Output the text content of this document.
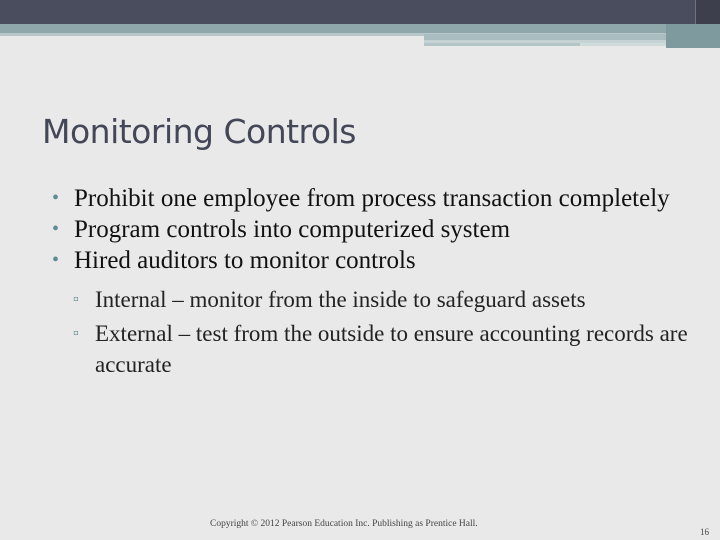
Monitoring Controls
• Prohibit one employee from process transaction completely
• Program controls into computerized system
• Hired auditors to monitor controls
▫ Internal – monitor from the inside to safeguard assets
▫ External – test from the outside to ensure accounting records are accurate
Copyright © 2012 Pearson Education Inc. Publishing as Prentice Hall.
16
